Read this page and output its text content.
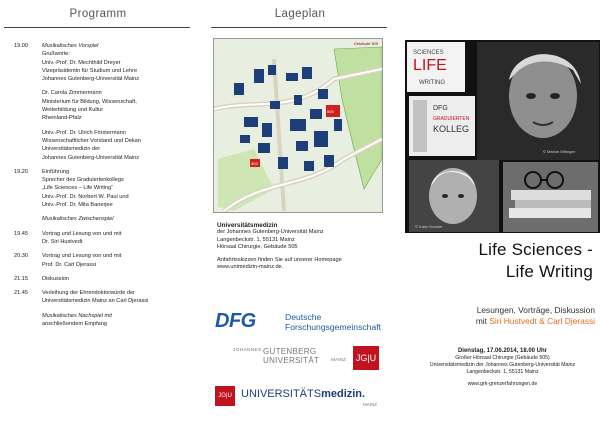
Programm
19.00	Musikalisches Vorspiel
Grußworte:
Univ.-Prof. Dr. Mechthild Dreyer
Vizepräsidentin für Studium und Lehre
Johannes Gutenberg-Universität Mainz
Dr. Carola Zimmermann
Ministerium für Bildung, Wissenschaft,
Weiterbildung und Kultur
Rheinland-Pfalz
Univ.-Prof. Dr. Ulrich Förstermann
Wissenschaftlicher Vorstand und Dekan
Universitätsmedizin der
Johannes Gutenberg-Universität Mainz
19.20	Einführung
Sprecher des Graduiertenkollegs
„Life Sciences – Life Writing“
Univ.-Prof. Dr. Norbert W. Paul und
Univ.-Prof. Dr. Mita Banerjee
Musikalisches Zwischenspiel
19.45	Vortrag und Lesung von und mit
Dr. Siri Hustvedt
20.30	Vortrag und Lesung von und mit
Prof. Dr. Carl Djerassi
21.15	Diskussion
21.45	Verleihung der Ehrendoktorwürde der
Universitätsmedizin Mainz an Carl Djerassi
Musikalisches Nachspiel mit
anschließendem Empfang
Lageplan
505
303
Gebäude 505
Universitätsmedizin
der Johannes Gutenberg-Universität Mainz
Langenbeckstr. 1, 55131 Mainz
Hörsaal Chirurgie, Gebäude 505
Anfahrtsskizzen finden Sie auf unserer Homepage
www.unimedizin-mainz.de.
DFG	Deutsche
Forschungsgemeinschaft
JOHANNES GUTENBERG
UNIVERSITÄT MAINZ	JG|U
JG|U UNIVERSITÄTSmedizin.
MAINZ
SCIENCES
LIFE
WRITING
DFG
GRADUIERTEN
KOLLEG
© Marion Ettlinger
© Karin Kramer
Life Sciences -
Life Writing
Lesungen, Vorträge, Diskussion
mit Siri Hustvedt & Carl Djerassi
Dienstag, 17.06.2014, 18.00 Uhr
Großer Hörsaal Chirurgie (Gebäude 505)
Universitätsmedizin der Johannes Gutenberg-Universität Mainz
Langenbeckstr. 1, 55131 Mainz
www.grk-grenzerfahrungen.de
